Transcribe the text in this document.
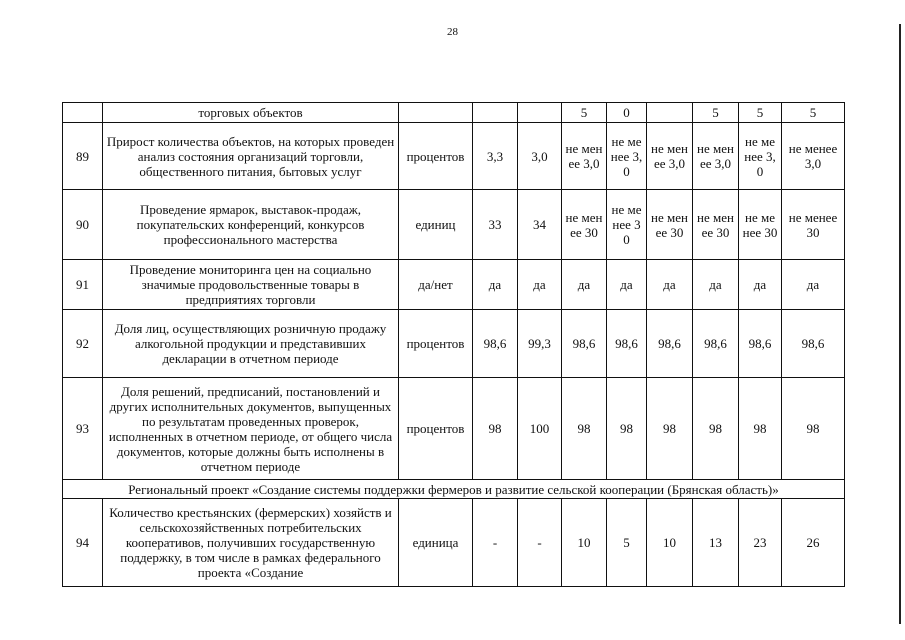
28
	торговых объектов				5	0		5	5	5
89	Прирост количества объектов, на которых проведен анализ состояния организаций торговли, общественного питания, бытовых услуг	процентов	3,3	3,0	не менее 3,0	не менее 3,0	не менее 3,0	не менее 3,0	не менее 3,0	не менее 3,0
90	Проведение ярмарок, выставок-продаж, покупательских конференций, конкурсов профессионального мастерства	единиц	33	34	не менее 30	не менее 30	не менее 30	не менее 30	не менее 30	не менее 30
91	Проведение мониторинга цен на социально значимые продовольственные товары в предприятиях торговли	да/нет	да	да	да	да	да	да	да	да
92	Доля лиц, осуществляющих розничную продажу алкогольной продукции и представивших декларации в отчетном периоде	процентов	98,6	99,3	98,6	98,6	98,6	98,6	98,6	98,6
93	Доля решений, предписаний, постановлений и других исполнительных документов, выпущенных по результатам проведенных проверок, исполненных в отчетном периоде, от общего числа документов, которые должны быть исполнены в отчетном периоде	процентов	98	100	98	98	98	98	98	98
Региональный проект «Создание системы поддержки фермеров и развитие сельской кооперации (Брянская область)»										
94	Количество крестьянских (фермерских) хозяйств и сельскохозяйственных потребительских кооперативов, получивших государственную поддержку, в том числе в рамках федерального проекта «Создание	единица	-	-	10	5	10	13	23	26
